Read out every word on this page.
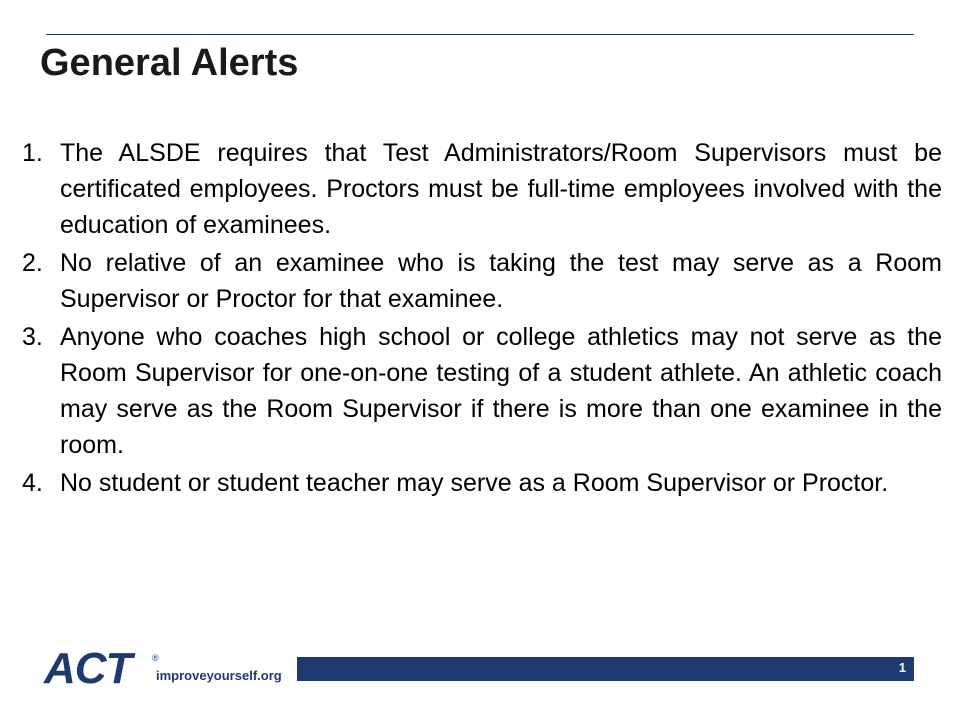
General Alerts
1. The ALSDE requires that Test Administrators/Room Supervisors must be certificated employees. Proctors must be full-time employees involved with the education of examinees.
2. No relative of an examinee who is taking the test may serve as a Room Supervisor or Proctor for that examinee.
3. Anyone who coaches high school or college athletics may not serve as the Room Supervisor for one-on-one testing of a student athlete. An athletic coach may serve as the Room Supervisor if there is more than one examinee in the room.
4. No student or student teacher may serve as a Room Supervisor or Proctor.
ACT ®
improveyourself.org
1
